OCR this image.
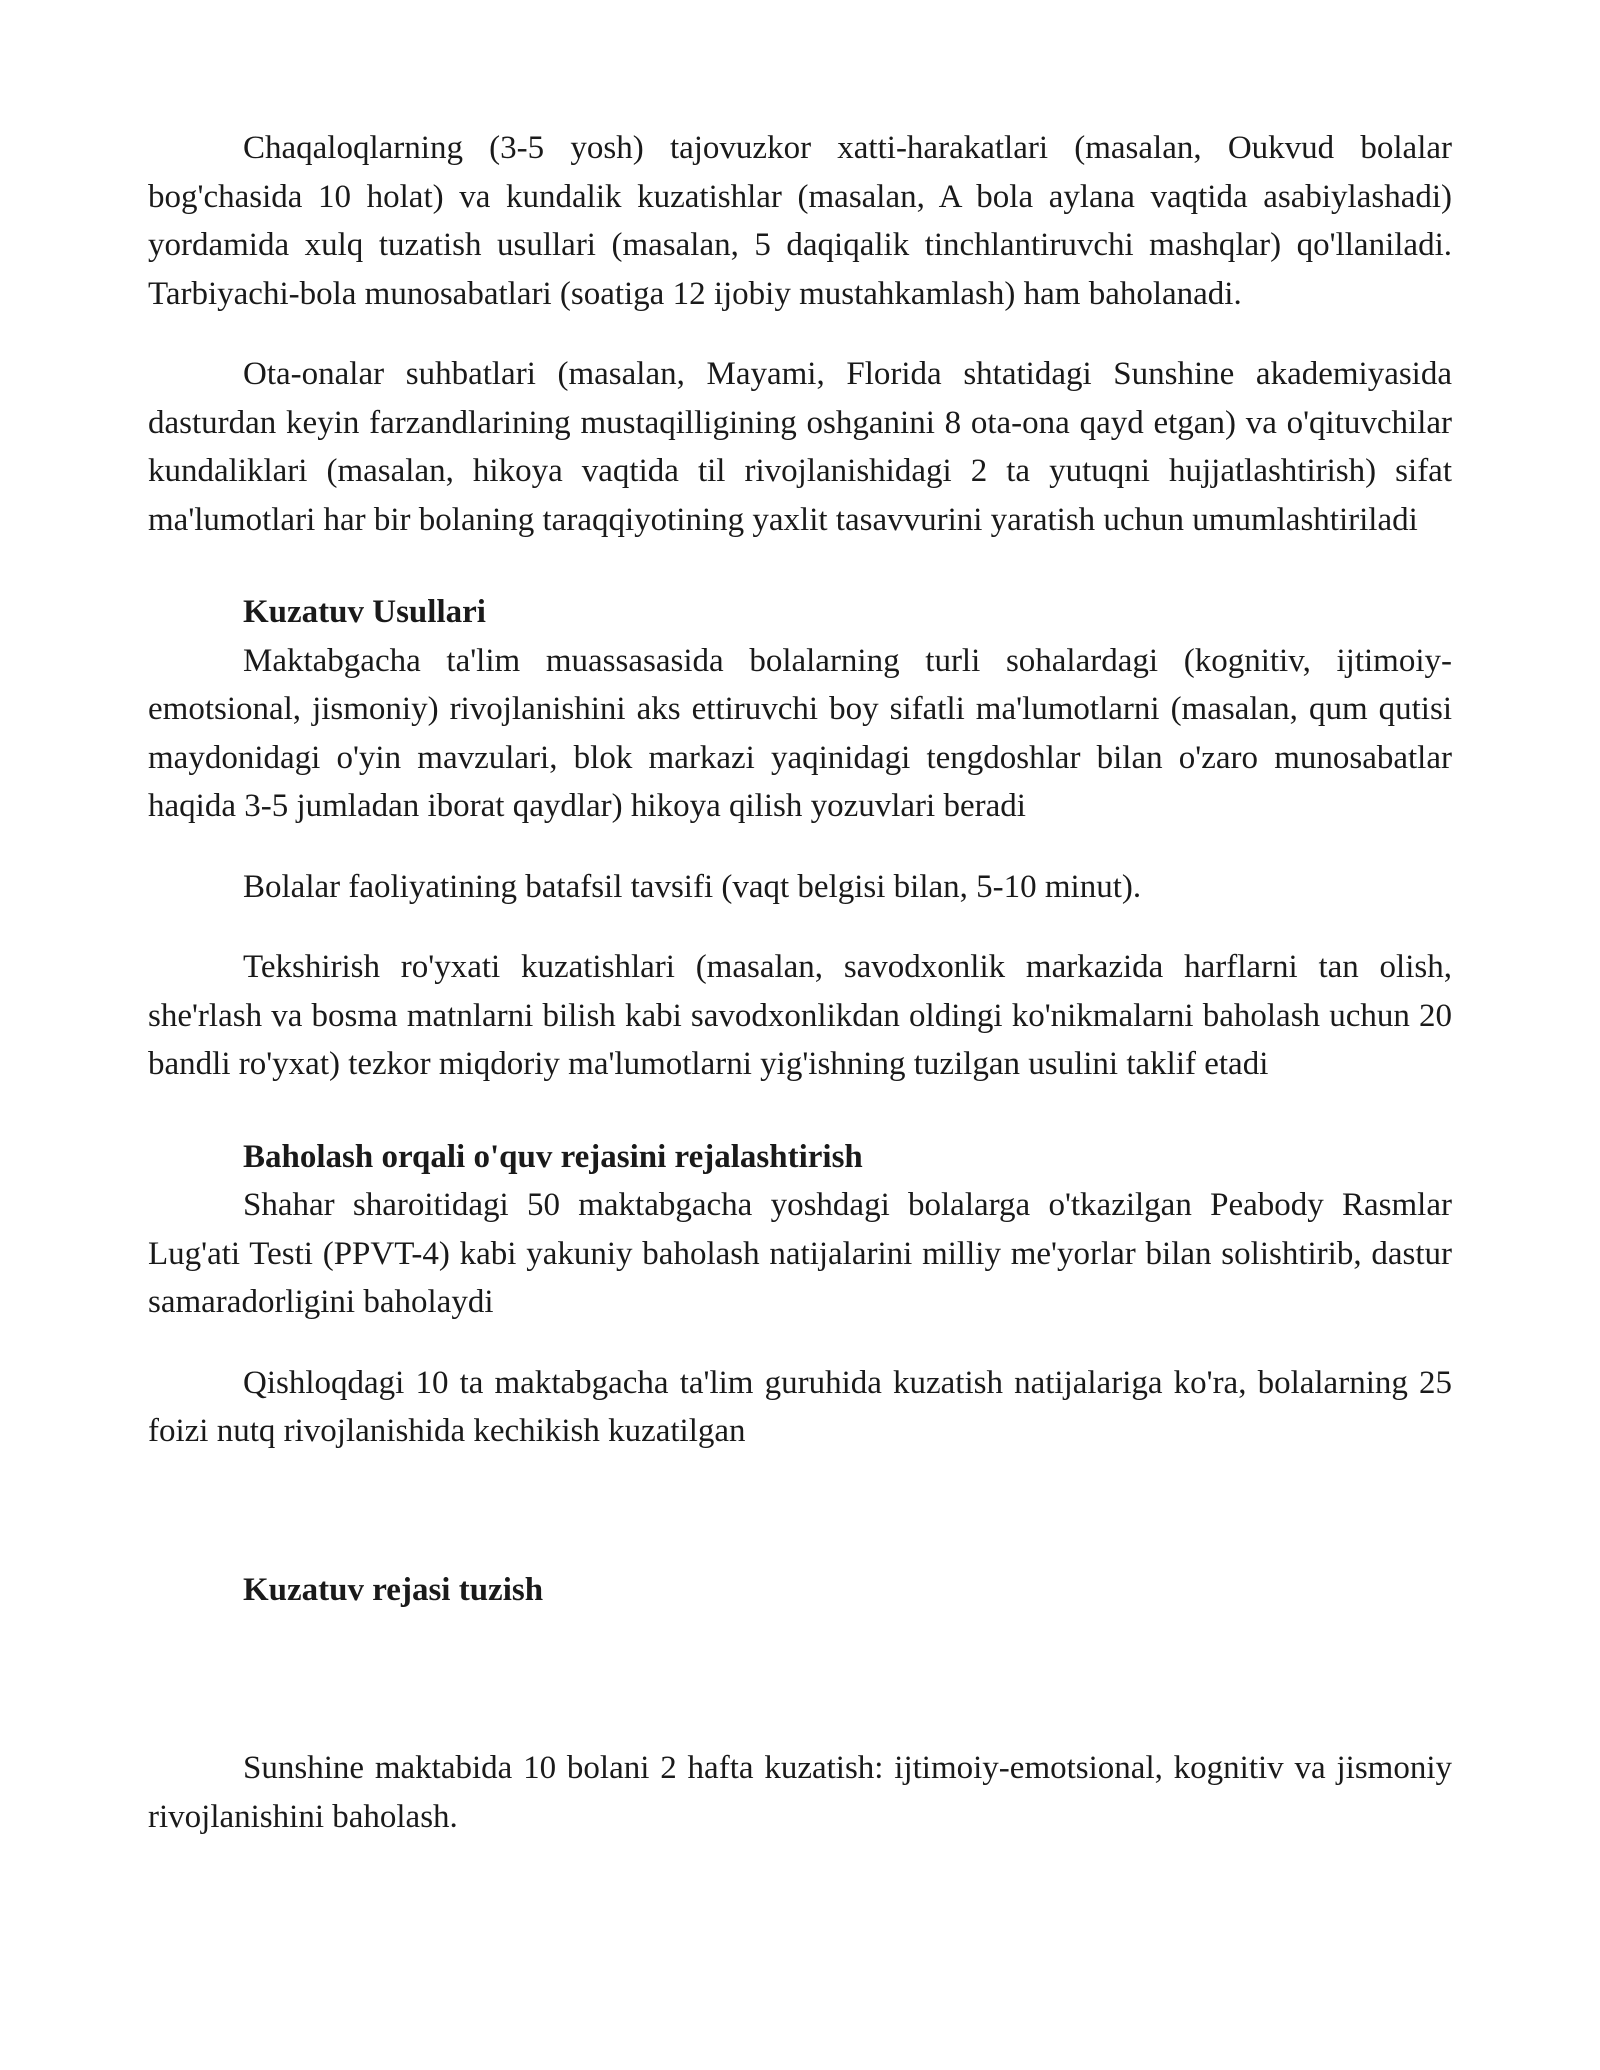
Chaqaloqlarning (3-5 yosh) tajovuzkor xatti-harakatlari (masalan, Oukvud bolalar bog'chasida 10 holat) va kundalik kuzatishlar (masalan, A bola aylana vaqtida asabiylashadi) yordamida xulq tuzatish usullari (masalan, 5 daqiqalik tinchlantiruvchi mashqlar) qo'llaniladi. Tarbiyachi-bola munosabatlari (soatiga 12 ijobiy mustahkamlash) ham baholanadi.

Ota-onalar suhbatlari (masalan, Mayami, Florida shtatidagi Sunshine akademiyasida dasturdan keyin farzandlarining mustaqilligining oshganini 8 ota-ona qayd etgan) va o'qituvchilar kundaliklari (masalan, hikoya vaqtida til rivojlanishidagi 2 ta yutuqni hujjatlashtirish) sifat ma'lumotlari har bir bolaning taraqqiyotining yaxlit tasavvurini yaratish uchun umumlashtiriladi

Kuzatuv Usullari

Maktabgacha ta'lim muassasasida bolalarning turli sohalardagi (kognitiv, ijtimoiy-emotsional, jismoniy) rivojlanishini aks ettiruvchi boy sifatli ma'lumotlarni (masalan, qum qutisi maydonidagi o'yin mavzulari, blok markazi yaqinidagi tengdoshlar bilan o'zaro munosabatlar haqida 3-5 jumladan iborat qaydlar) hikoya qilish yozuvlari beradi

Bolalar faoliyatining batafsil tavsifi (vaqt belgisi bilan, 5-10 minut).

Tekshirish ro'yxati kuzatishlari (masalan, savodxonlik markazida harflarni tan olish, she'rlash va bosma matnlarni bilish kabi savodxonlikdan oldingi ko'nikmalarni baholash uchun 20 bandli ro'yxat) tezkor miqdoriy ma'lumotlarni yig'ishning tuzilgan usulini taklif etadi

Baholash orqali o'quv rejasini rejalashtirish

Shahar sharoitidagi 50 maktabgacha yoshdagi bolalarga o'tkazilgan Peabody Rasmlar Lug'ati Testi (PPVT-4) kabi yakuniy baholash natijalarini milliy me'yorlar bilan solishtirib, dastur samaradorligini baholaydi

Qishloqdagi 10 ta maktabgacha ta'lim guruhida kuzatish natijalariga ko'ra, bolalarning 25 foizi nutq rivojlanishida kechikish kuzatilgan

Kuzatuv rejasi tuzish

Sunshine maktabida 10 bolani 2 hafta kuzatish: ijtimoiy-emotsional, kognitiv va jismoniy rivojlanishini baholash.
